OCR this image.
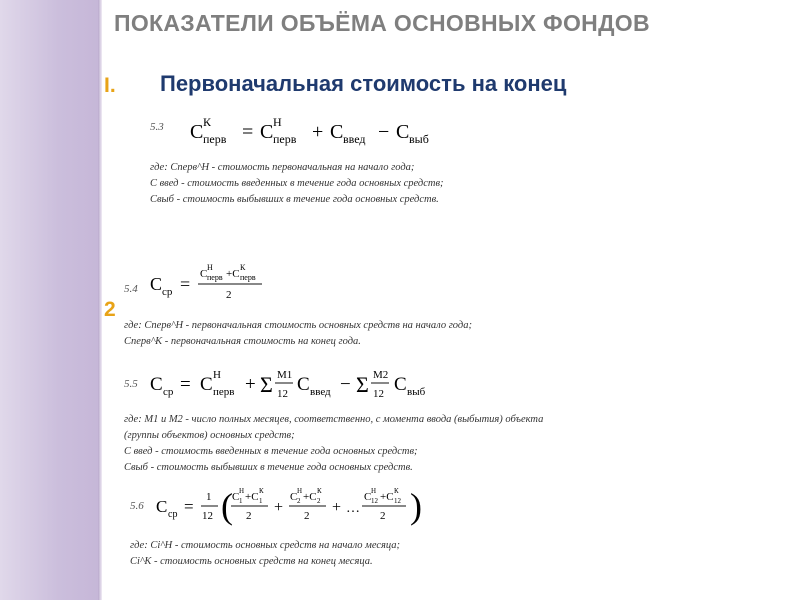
ПОКАЗАТЕЛИ ОБЪЁМА ОСНОВНЫХ ФОНДОВ
I. Первоначальная стоимость на конец
2
5.3 C К
перв = C Н
перв + C введ − C выб
где: Cперв^Н - стоимость первоначальная на начало года;
C введ - стоимость введенных в течение года основных средств;
Cвыб - стоимость выбывших в течение года основных средств.
5.4 C ср = C
Н
перв +C
К
перв
2
где: Cперв^Н - первоначальная стоимость основных средств на начало года;
Cперв^К - первоначальная стоимость на конец года.
5.5 C ср = C Н
перв + Σ M1
12 C введ − Σ M2
12 C выб
где: M1 и M2 - число полных месяцев, соответственно, с момента ввода (выбытия) объекта
(группы объектов) основных средств;
C введ - стоимость введенных в течение года основных средств;
Cвыб - стоимость выбывших в течение года основных средств.
5.6 C ср = 1
12 ( C Н
1 +C К
1
2 +
C Н
2 +C К
2
2 + …
C Н
12 +C К
12
2 )
где: Ci^Н - стоимость основных средств на начало месяца;
Ci^К - стоимость основных средств на конец месяца.
